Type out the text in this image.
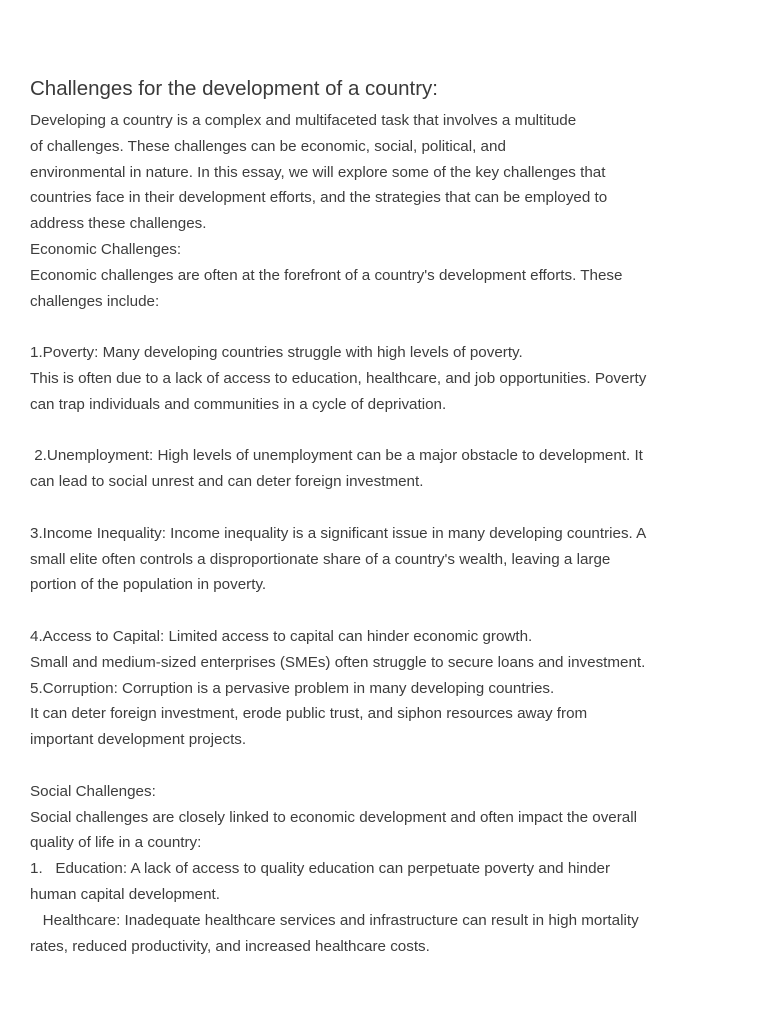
Challenges for the development of a country:
Developing a country is a complex and multifaceted task that involves a multitude
of challenges. These challenges can be economic, social, political, and
environmental in nature. In this essay, we will explore some of the key challenges that
countries face in their development efforts, and the strategies that can be employed to
address these challenges.
Economic Challenges:
Economic challenges are often at the forefront of a country's development efforts. These
challenges include:
1.Poverty: Many developing countries struggle with high levels of poverty.
This is often due to a lack of access to education, healthcare, and job opportunities. Poverty
can trap individuals and communities in a cycle of deprivation.
2.Unemployment: High levels of unemployment can be a major obstacle to development. It
can lead to social unrest and can deter foreign investment.
3.Income Inequality: Income inequality is a significant issue in many developing countries. A
small elite often controls a disproportionate share of a country's wealth, leaving a large
portion of the population in poverty.
4.Access to Capital: Limited access to capital can hinder economic growth.
Small and medium-sized enterprises (SMEs) often struggle to secure loans and investment.
5.Corruption: Corruption is a pervasive problem in many developing countries.
It can deter foreign investment, erode public trust, and siphon resources away from
important development projects.
Social Challenges:
Social challenges are closely linked to economic development and often impact the overall
quality of life in a country:
1.   Education: A lack of access to quality education can perpetuate poverty and hinder
human capital development.
Healthcare: Inadequate healthcare services and infrastructure can result in high mortality
rates, reduced productivity, and increased healthcare costs.
